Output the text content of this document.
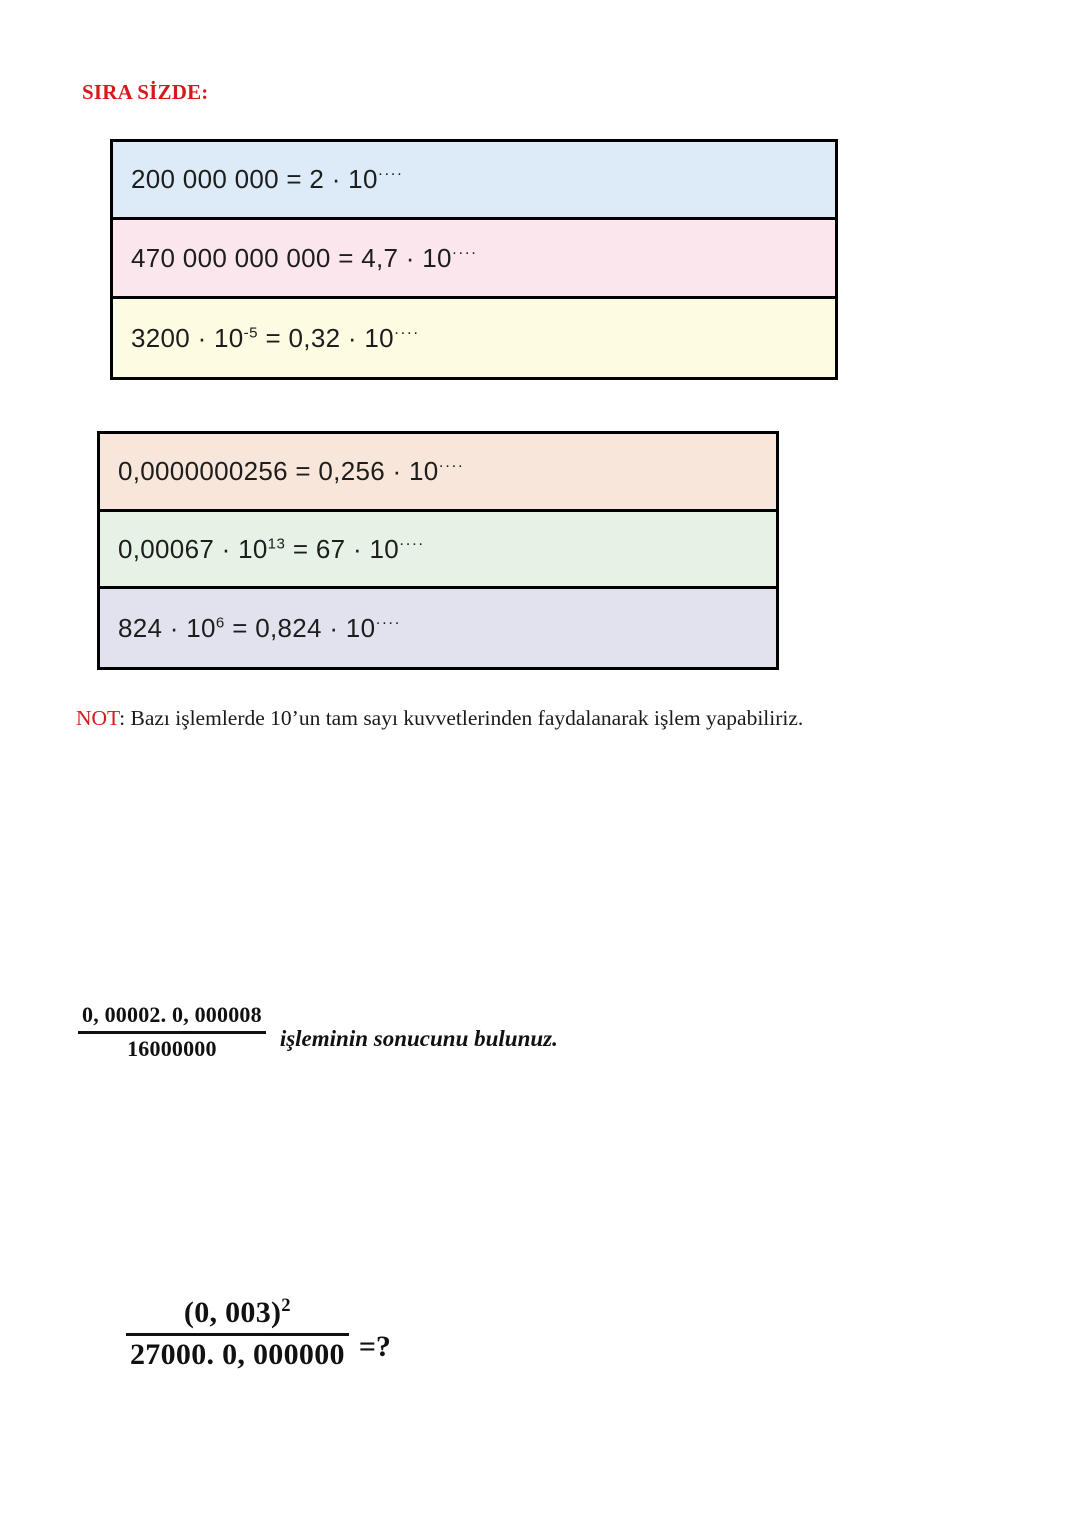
SIRA SİZDE:
200 000 000 = 2 · 10····
470 000 000 000 = 4,7 · 10····
$3200 \cdot 10^{-5} = 0,32 \cdot 10^{\cdot\cdot\cdot\cdot}$
0,0000000256 = 0,256 · 10····
$0,00067 \cdot 10^{13} = 67 \cdot 10^{\cdot\cdot\cdot\cdot}$
$824 \cdot 10^6 = 0,824 \cdot 10^{\cdot\cdot\cdot\cdot}$
NOT: Bazı işlemlerde 10’un tam sayı kuvvetlerinden faydalanarak işlem yapabiliriz.
$\frac{0, 00002. 0, 000008}{16000000}$ işleminin sonucunu bulunuz.
$\frac{(0, 003)^2}{27000. 0, 000000}$ =?
